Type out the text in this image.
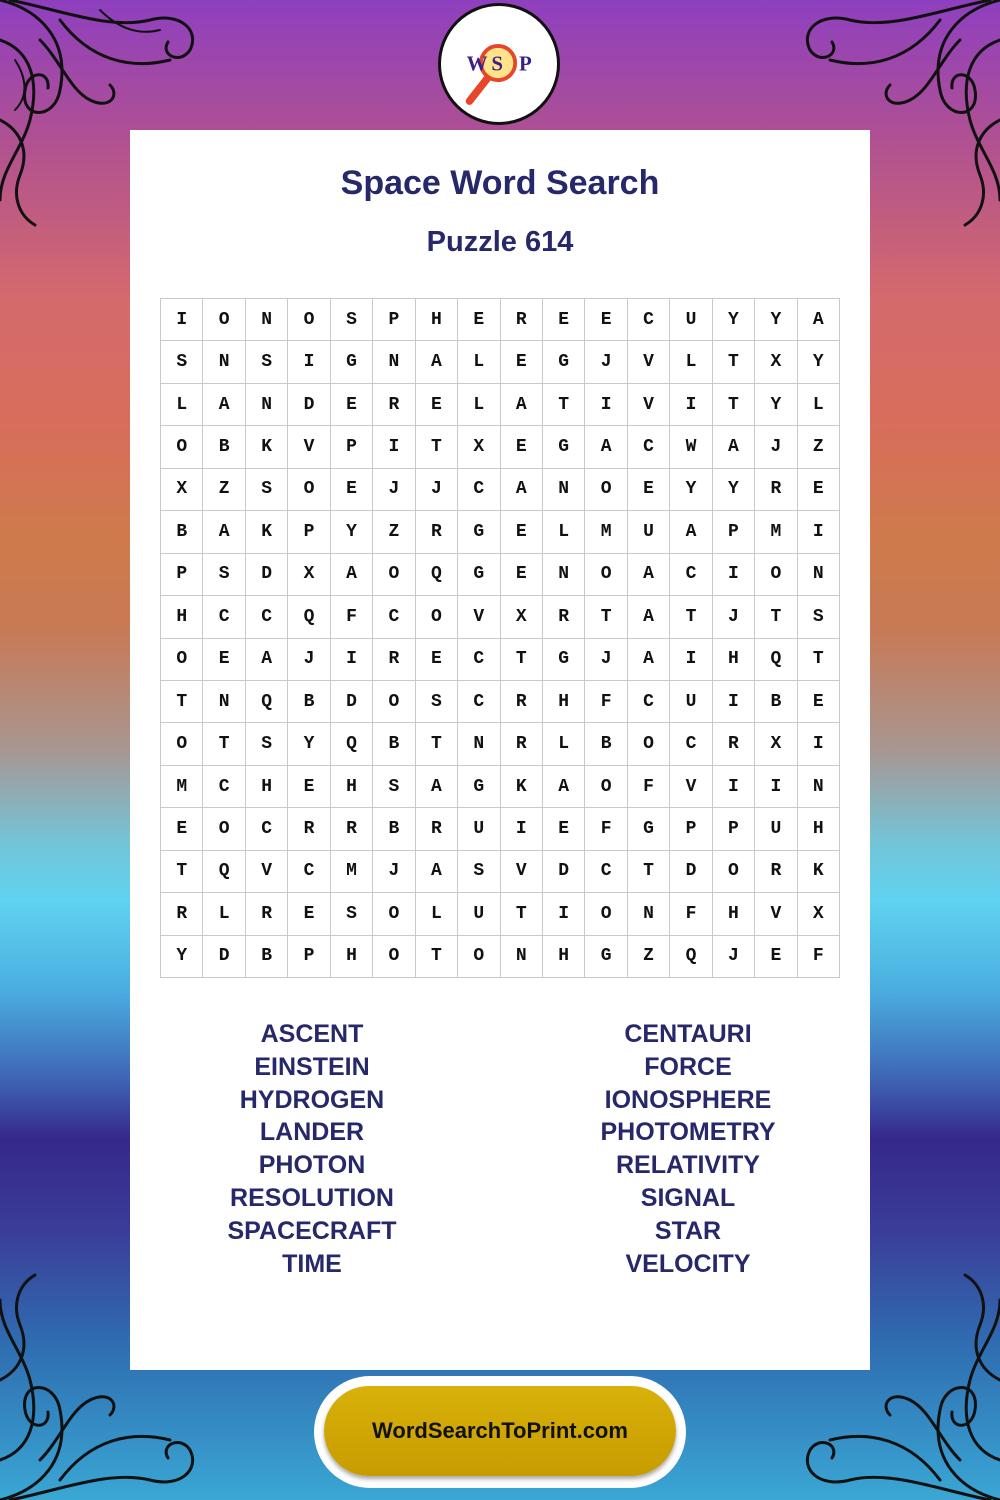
W S P
Space Word Search
Puzzle 614
I	O	N	O	S	P	H	E	R	E	E	C	U	Y	Y	A
S	N	S	I	G	N	A	L	E	G	J	V	L	T	X	Y
L	A	N	D	E	R	E	L	A	T	I	V	I	T	Y	L
O	B	K	V	P	I	T	X	E	G	A	C	W	A	J	Z
X	Z	S	O	E	J	J	C	A	N	O	E	Y	Y	R	E
B	A	K	P	Y	Z	R	G	E	L	M	U	A	P	M	I
P	S	D	X	A	O	Q	G	E	N	O	A	C	I	O	N
H	C	C	Q	F	C	O	V	X	R	T	A	T	J	T	S
O	E	A	J	I	R	E	C	T	G	J	A	I	H	Q	T
T	N	Q	B	D	O	S	C	R	H	F	C	U	I	B	E
O	T	S	Y	Q	B	T	N	R	L	B	O	C	R	X	I
M	C	H	E	H	S	A	G	K	A	O	F	V	I	I	N
E	O	C	R	R	B	R	U	I	E	F	G	P	P	U	H
T	Q	V	C	M	J	A	S	V	D	C	T	D	O	R	K
R	L	R	E	S	O	L	U	T	I	O	N	F	H	V	X
Y	D	B	P	H	O	T	O	N	H	G	Z	Q	J	E	F
ASCENT
EINSTEIN
HYDROGEN
LANDER
PHOTON
RESOLUTION
SPACECRAFT
TIME
CENTAURI
FORCE
IONOSPHERE
PHOTOMETRY
RELATIVITY
SIGNAL
STAR
VELOCITY
WordSearchToPrint.com
